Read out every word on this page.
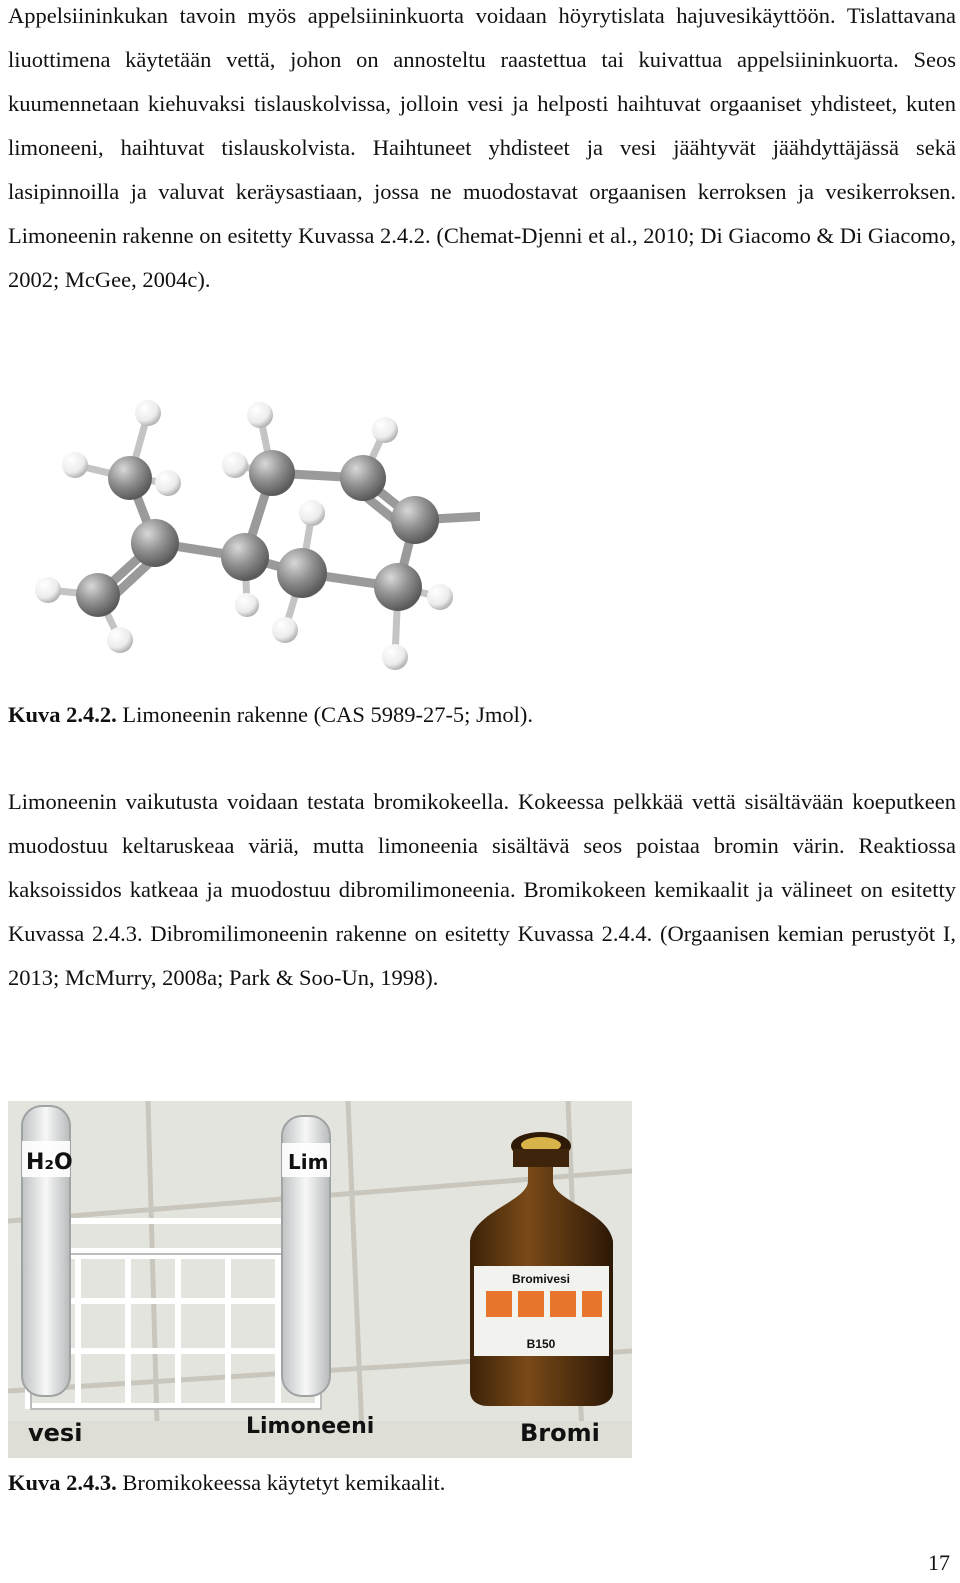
Appelsiininkukan tavoin myös appelsiininkuorta voidaan höyrytislata hajuvesikäyttöön. Tislattavana liuottimena käytetään vettä, johon on annosteltu raastettua tai kuivattua appelsiininkuorta. Seos kuumennetaan kiehuvaksi tislauskolvissa, jolloin vesi ja helposti haihtuvat orgaaniset yhdisteet, kuten limoneeni, haihtuvat tislauskolvista. Haihtuneet yhdisteet ja vesi jäähtyvät jäähdyttäjässä sekä lasipinnoilla ja valuvat keräysastiaan, jossa ne muodostavat orgaanisen kerroksen ja vesikerroksen. Limoneenin rakenne on esitetty Kuvassa 2.4.2. (Chemat-Djenni et al., 2010; Di Giacomo & Di Giacomo, 2002; McGee, 2004c).

Kuva 2.4.2. Limoneenin rakenne (CAS 5989-27-5; Jmol).

Limoneenin vaikutusta voidaan testata bromikokeella. Kokeessa pelkkää vettä sisältävään koeputkeen muodostuu keltaruskeaa väriä, mutta limoneenia sisältävä seos poistaa bromin värin. Reaktiossa kaksoissidos katkeaa ja muodostuu dibromilimoneenia. Bromikokeen kemikaalit ja välineet on esitetty Kuvassa 2.4.3. Dibromilimoneenin rakenne on esitetty Kuvassa 2.4.4. (Orgaanisen kemian perustyöt I, 2013; McMurry, 2008a; Park & Soo-Un, 1998).

H₂O	Lim
Bromivesi
B150
vesi	Limoneeni	Bromi

Kuva 2.4.3. Bromikokeessa käytetyt kemikaalit.

17
